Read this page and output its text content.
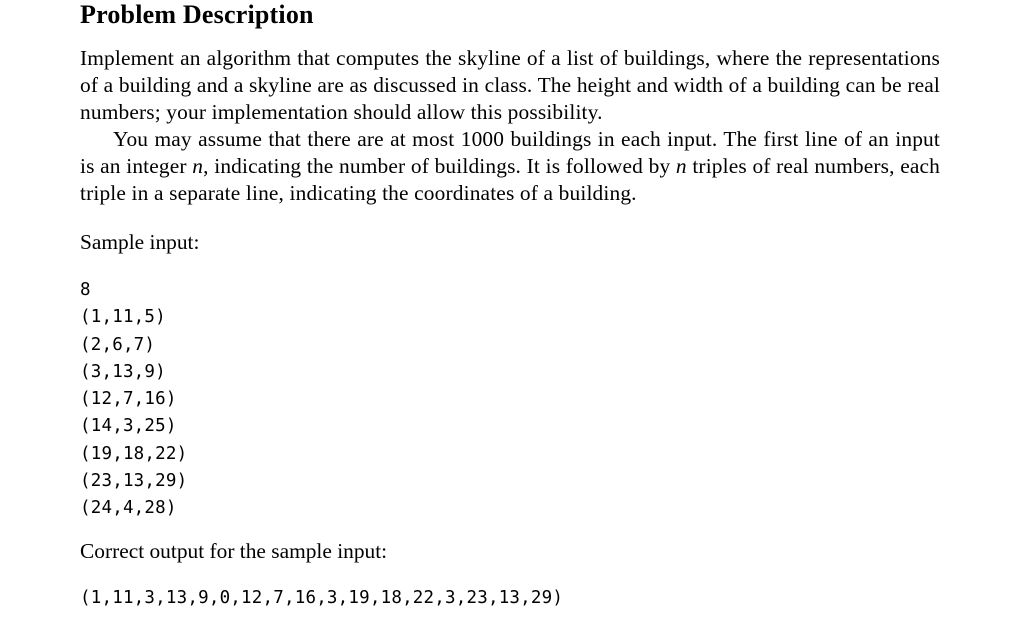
Problem Description

Implement an algorithm that computes the skyline of a list of buildings, where the representations of a building and a skyline are as discussed in class. The height and width of a building can be real numbers; your implementation should allow this possibility.

You may assume that there are at most 1000 buildings in each input. The first line of an input is an integer n, indicating the number of buildings. It is followed by n triples of real numbers, each triple in a separate line, indicating the coordinates of a building.

Sample input:
8
(1,11,5)
(2,6,7)
(3,13,9)
(12,7,16)
(14,3,25)
(19,18,22)
(23,13,29)
(24,4,28)
Correct output for the sample input:
(1,11,3,13,9,0,12,7,16,3,19,18,22,3,23,13,29)
